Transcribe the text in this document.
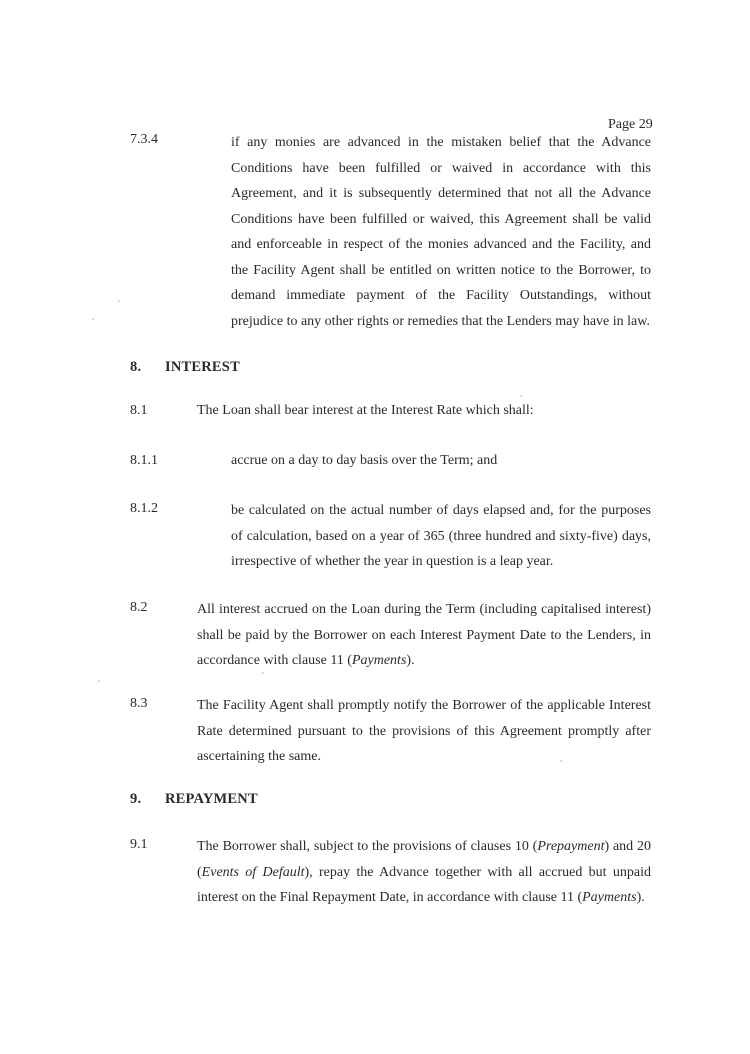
Page 29
7.3.4	if any monies are advanced in the mistaken belief that the Advance
Conditions have been fulfilled or waived in accordance with this
Agreement, and it is subsequently determined that not all the Advance
Conditions have been fulfilled or waived, this Agreement shall be valid
and enforceable in respect of the monies advanced and the Facility, and
the Facility Agent shall be entitled on written notice to the Borrower, to
demand immediate payment of the Facility Outstandings, without
prejudice to any other rights or remedies that the Lenders may have in law.
8. INTEREST
8.1	The Loan shall bear interest at the Interest Rate which shall:
8.1.1	accrue on a day to day basis over the Term; and
8.1.2	be calculated on the actual number of days elapsed and, for the purposes
of calculation, based on a year of 365 (three hundred and sixty-five) days,
irrespective of whether the year in question is a leap year.
8.2	All interest accrued on the Loan during the Term (including capitalised interest)
shall be paid by the Borrower on each Interest Payment Date to the Lenders, in
accordance with clause 11 (Payments).
8.3	The Facility Agent shall promptly notify the Borrower of the applicable Interest
Rate determined pursuant to the provisions of this Agreement promptly after
ascertaining the same.
9. REPAYMENT
9.1	The Borrower shall, subject to the provisions of clauses 10 (Prepayment) and 20
(Events of Default), repay the Advance together with all accrued but unpaid
interest on the Final Repayment Date, in accordance with clause 11 (Payments).
